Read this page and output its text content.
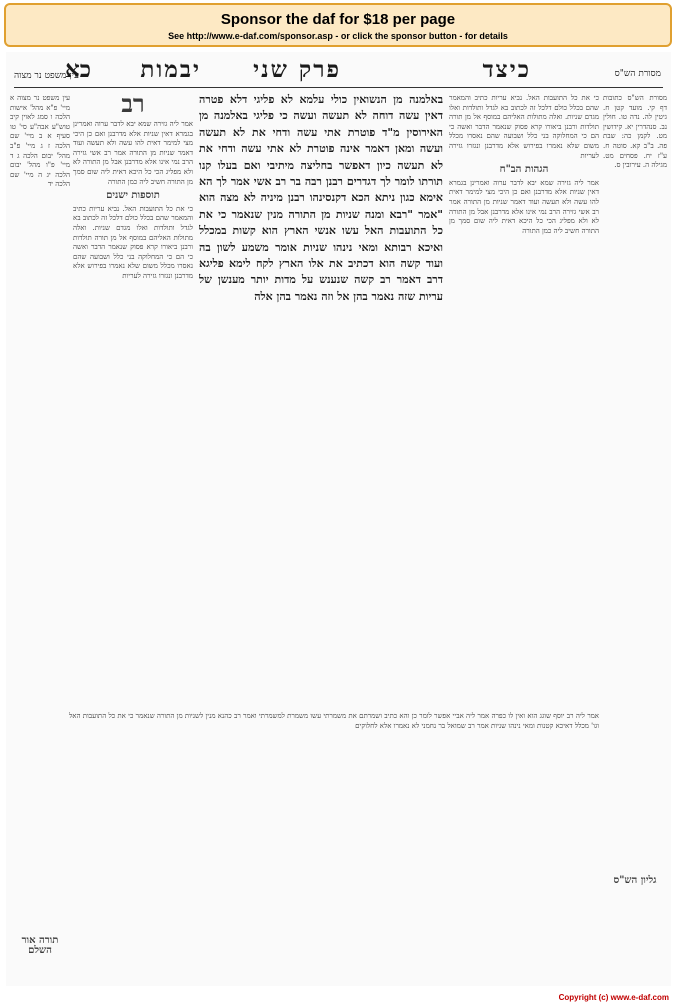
Sponsor the daf for $18 per page
See http://www.e-daf.com/sponsor.asp - or click the sponsor button - for details
מסורת הש"ס
כיצד
פרק שני
יבמות
כא
עין משפט נר מצוה
מסורת הש"ס כתובות דף קי. מועד קטן ח. גיטין לה. נדה טו. חולין נב. סנהדרין יא. קידושין מט. לקמן כה: שבת פה. ב"ב קא. סוטה ח. ע"ז יח. פסחים מט. מגילה ה. עירובין ס.
כי את כל התועבות האל. נביא עריות כתיב והמאמר שהם בכלל כולם דלכל זה לכתוב בא לגדל ותולדות ואלו מגדם שניות. ואלה מתולות האליהם במוסף אל מן תורה תולדות ורבנן ביאורו קרא פסוק שנאמר הדבר ואשה כי הם כי המחלוקה בני כלל ושבועה שהם נאסרו מכלל משום שלא נאמרו בפירוש אלא מדרבנן ונגזרו גזירה לעריות
הגהות הב"ח
אמר ליה גזירה שמא יבא לדבר ערוה ואמרינן בגמרא דאין שניות אלא מדרבנן ואם כן היכי מצי למימר דאית להו עשה ולא תעשה ועוד דאמר שניות מן התורה אמר רב אשי גזירה הרב נמי אינו אלא מדרבנן אבל מן התורה לא ולא מפליג הכי כל היכא דאית ליה שום סמך מן התורה חשיב ליה כמן התורה
באלמנה מן הנשואין כולי עלמא לא פליגי דלא פטרה דאין עשה דוחה לא תעשה ועשה כי פליגי באלמנה מן האירוסין מ"ד פוטרת אתי עשה ודחי את לא תעשה ועשה ומאן דאמר אינה פוטרת לא אתי עשה ודחי את לא תעשה כיון דאפשר בחליצה מיתיבי ואם בעלו קנו תורתו לומר לך דגדרים רבנן רבה בר רב אשי אמר לך הא אימא כגון ניתא הכא דקנסינהו רבנן מיניה לא מצה הוא "אמר "רבא ומנה שניות מן התורה מנין שנאמר כי את כל התועבות האל עשו אנשי הארץ הוא קשות במכלל ואיכא רבותא ומאי נינהו שניות אומר משמע לשון בה ועוד קשה הוא דכתיב את אלו הארץ לקח לימא פליגא דרב דאמר רב קשה שנענש על מדות יותר מענשן של עריות שזה נאמר בהן אל וזה נאמר בהן אלה
רב
אמר ליה גזירה שמא יבא לדבר ערוה ואמרינן בגמרא דאין שניות אלא מדרבנן ואם כן היכי מצי למימר דאית להו עשה ולא תעשה ועוד דאמר שניות מן התורה אמר רב אשי גזירה הרב נמי אינו אלא מדרבנן אבל מן התורה לא ולא מפליג הכי כל היכא דאית ליה שום סמך מן התורה חשיב ליה כמן התורה
תוספות ישנים
כי את כל התועבות האל. נביא עריות כתיב והמאמר שהם בכלל כולם דלכל זה לכתוב בא לגדל ותולדות ואלו מגדם שניות. ואלה מתולות האליהם במוסף אל מן תורה תולדות ורבנן ביאורו קרא פסוק שנאמר הדבר ואשה כי הם כי המחלוקה בני כלל ושבועה שהם נאסרו מכלל משום שלא נאמרו בפירוש אלא מדרבנן ונגזרו גזירה לעריות
עין משפט נר מצוה א מיי' פ"א מהל' אישות הלכה ו סמג לאוין קיב טוש"ע אבה"ע סי' טו סעיף א ב מיי' שם הלכה ז ג מיי' פ"ב מהל' יבום הלכה ג ד מיי' פ"ו מהל' יבום הלכה יג ה מיי' שם הלכה יד
אמר ליה רב יוסף שוגג הוא ואין לו כפרה אמר ליה אביי אפשר לומר כן והא כתיב ושמרתם את משמרתי עשו משמרת למשמרתי ואמר רב כהנא מנין לשניות מן התורה שנאמר כי את כל התועבות האל וגו' מכלל דאיכא קטנות ומאי נינהו שניות אמר רב שמואל בר נחמני לא נאמרו אלא לחלוקים
גליון הש"ס
תורה אור השלם
Copyright (c) www.e-daf.com
